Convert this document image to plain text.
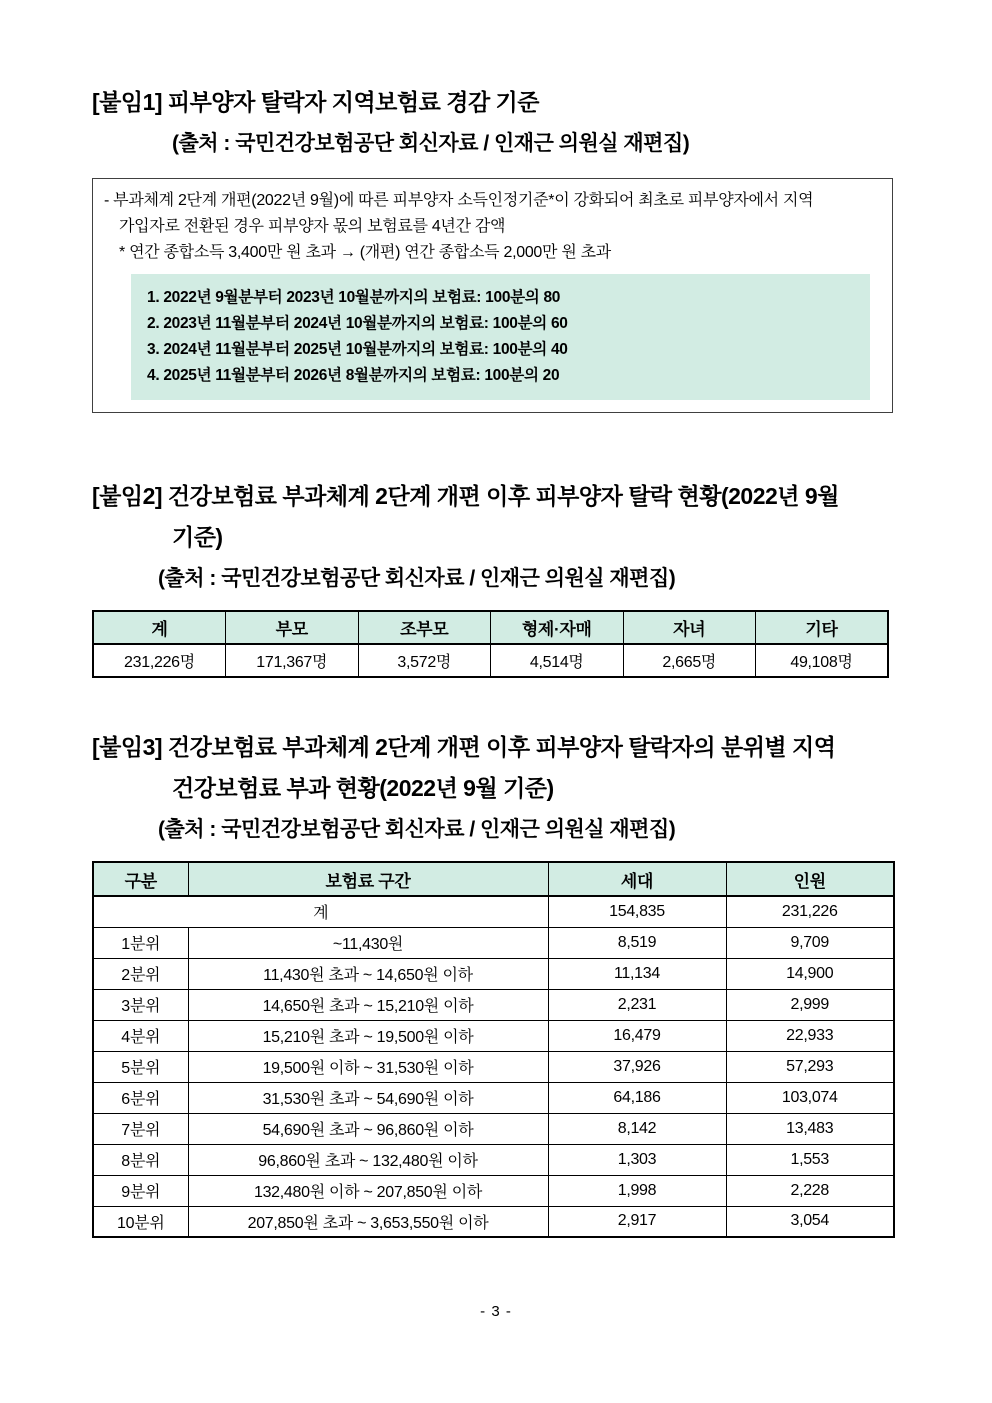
[붙임1] 피부양자 탈락자 지역보험료 경감 기준
(출처 : 국민건강보험공단 회신자료 / 인재근 의원실 재편집)
- 부과체계 2단계 개편(2022년 9월)에 따른 피부양자 소득인정기준*이 강화되어 최초로 피부양자에서 지역
가입자로 전환된 경우 피부양자 몫의 보험료를 4년간 감액
* 연간 종합소득 3,400만 원 초과 → (개편) 연간 종합소득 2,000만 원 초과
1. 2022년 9월분부터 2023년 10월분까지의 보험료: 100분의 80
2. 2023년 11월분부터 2024년 10월분까지의 보험료: 100분의 60
3. 2024년 11월분부터 2025년 10월분까지의 보험료: 100분의 40
4. 2025년 11월분부터 2026년 8월분까지의 보험료: 100분의 20
[붙임2] 건강보험료 부과체계 2단계 개편 이후 피부양자 탈락 현황(2022년 9월
기준)
(출처 : 국민건강보험공단 회신자료 / 인재근 의원실 재편집)
계	부모	조부모	형제·자매	자녀	기타
231,226명	171,367명	3,572명	4,514명	2,665명	49,108명
[붙임3] 건강보험료 부과체계 2단계 개편 이후 피부양자 탈락자의 분위별 지역
건강보험료 부과 현황(2022년 9월 기준)
(출처 : 국민건강보험공단 회신자료 / 인재근 의원실 재편집)
구분	보험료 구간	세대	인원
계		154,835	231,226
1분위	~11,430원	8,519	9,709
2분위	11,430원 초과 ~ 14,650원 이하	11,134	14,900
3분위	14,650원 초과 ~ 15,210원 이하	2,231	2,999
4분위	15,210원 초과 ~ 19,500원 이하	16,479	22,933
5분위	19,500원 이하 ~ 31,530원 이하	37,926	57,293
6분위	31,530원 초과 ~ 54,690원 이하	64,186	103,074
7분위	54,690원 초과 ~ 96,860원 이하	8,142	13,483
8분위	96,860원 초과 ~ 132,480원 이하	1,303	1,553
9분위	132,480원 이하 ~ 207,850원 이하	1,998	2,228
10분위	207,850원 초과 ~ 3,653,550원 이하	2,917	3,054
- 3 -
